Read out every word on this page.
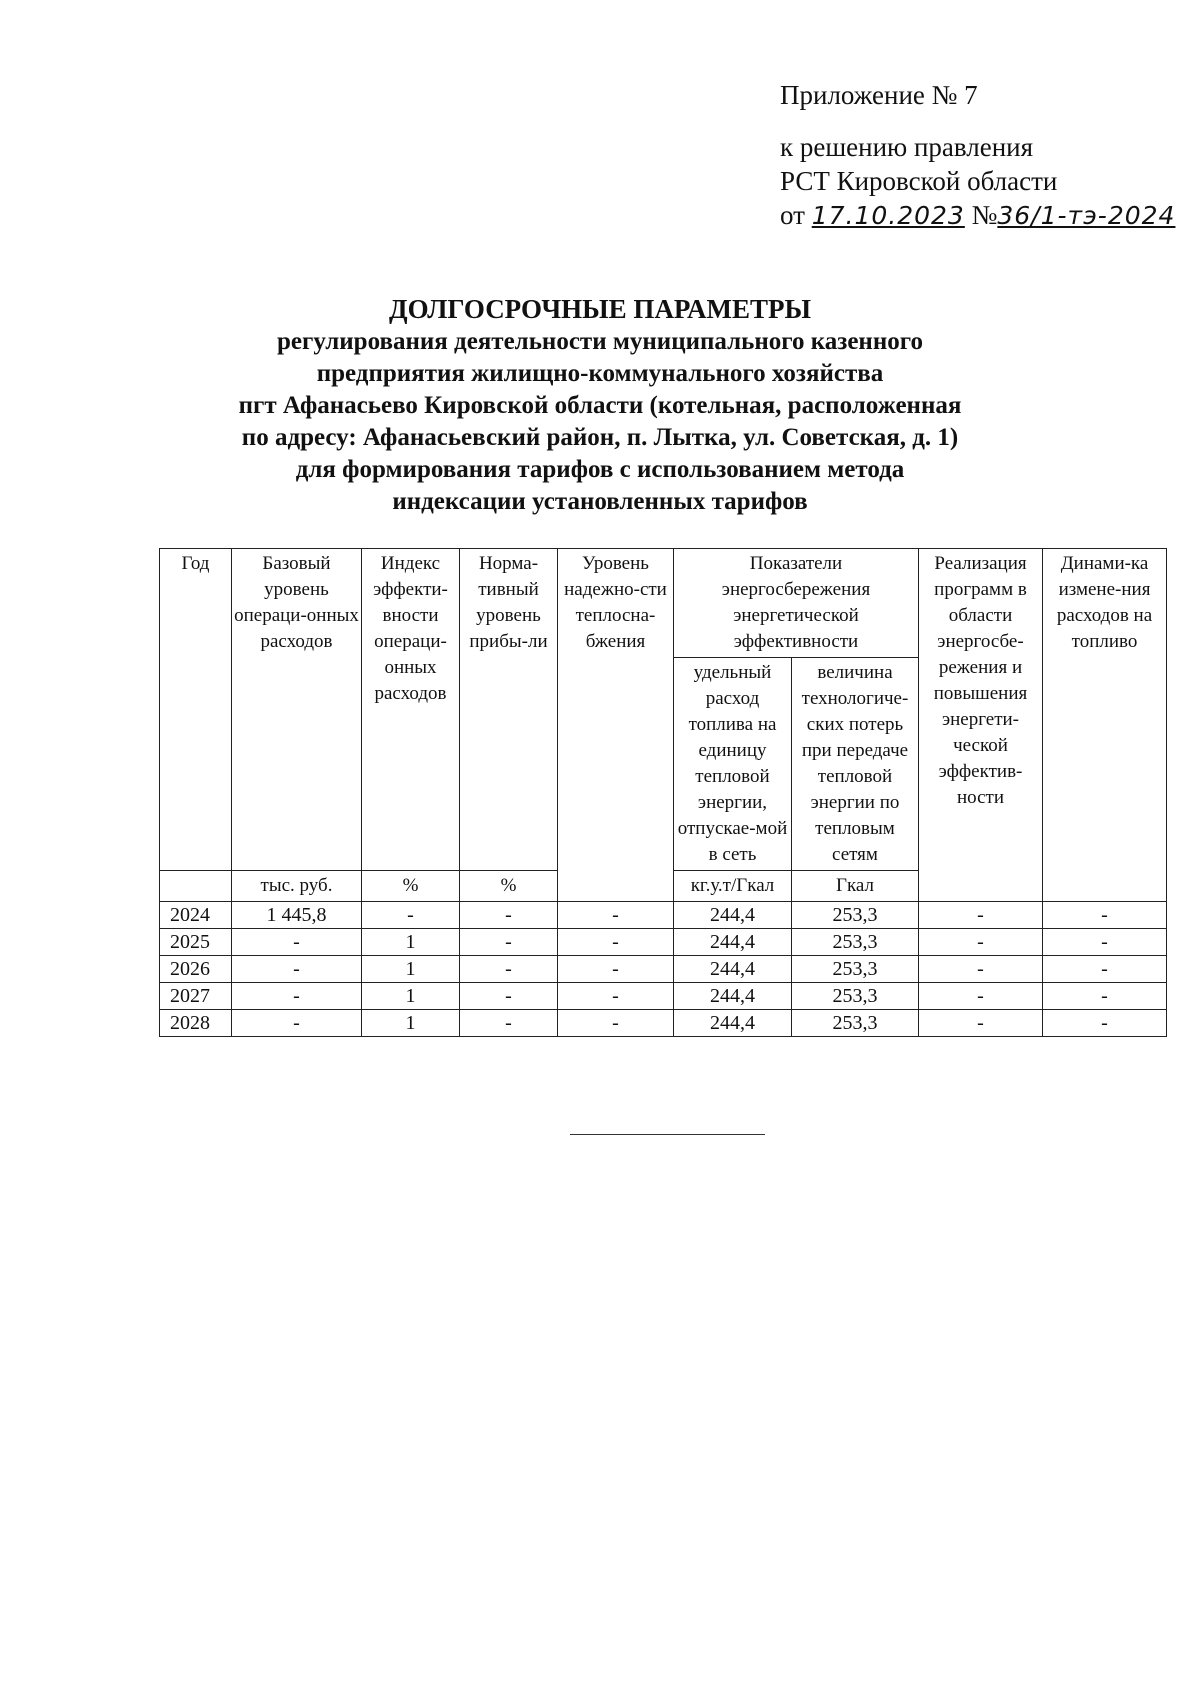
Приложение № 7
к решению правления
РСТ Кировской области
от 17.10.2023 №36/1-тэ-2024
ДОЛГОСРОЧНЫЕ ПАРАМЕТРЫ
регулирования деятельности муниципального казенного
предприятия жилищно-коммунального хозяйства
пгт Афанасьево Кировской области (котельная, расположенная
по адресу: Афанасьевский район, п. Лытка, ул. Советская, д. 1)
для формирования тарифов с использованием метода
индексации установленных тарифов
Год	Базовый уровень операци-онных расходов	Индекс эффекти-вности операци-онных расходов	Норма-тивный уровень прибы-ли	Уровень надежно-сти теплосна-бжения	Показатели энергосбережения энергетической эффективности		Реализация программ в области энергосбе-режения и повышения энергети-ческой эффектив-ности	Динами-ка измене-ния расходов на топливо
					удельный расход топлива на единицу тепловой энергии, отпускае-мой в сеть	величина технологиче-ских потерь при передаче тепловой энергии по тепловым сетям		
	тыс. руб.	%	%		кг.у.т/Гкал	Гкал		
2024	1 445,8	-	-	-	244,4	253,3	-	-
2025	-	1	-	-	244,4	253,3	-	-
2026	-	1	-	-	244,4	253,3	-	-
2027	-	1	-	-	244,4	253,3	-	-
2028	-	1	-	-	244,4	253,3	-	-
